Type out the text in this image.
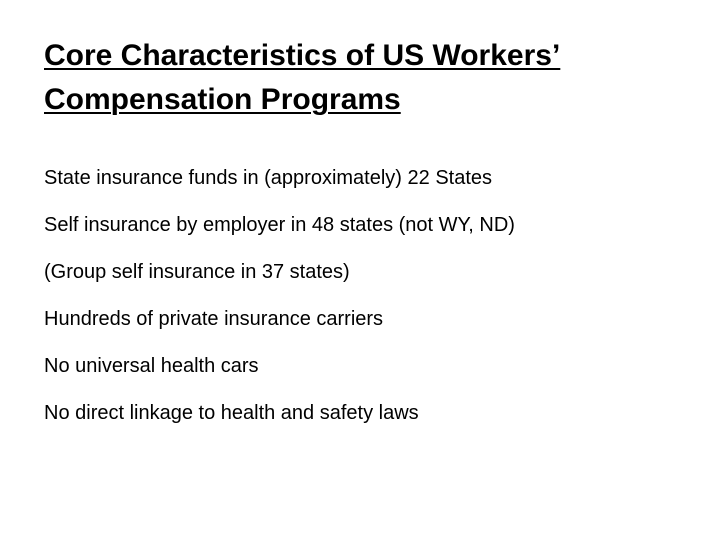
Core Characteristics of US Workers’ Compensation Programs
State insurance funds in (approximately) 22 States
Self insurance by employer in 48 states (not WY, ND)
(Group self insurance in 37 states)
Hundreds of private insurance carriers
No universal health cars
No direct linkage to health and safety laws
